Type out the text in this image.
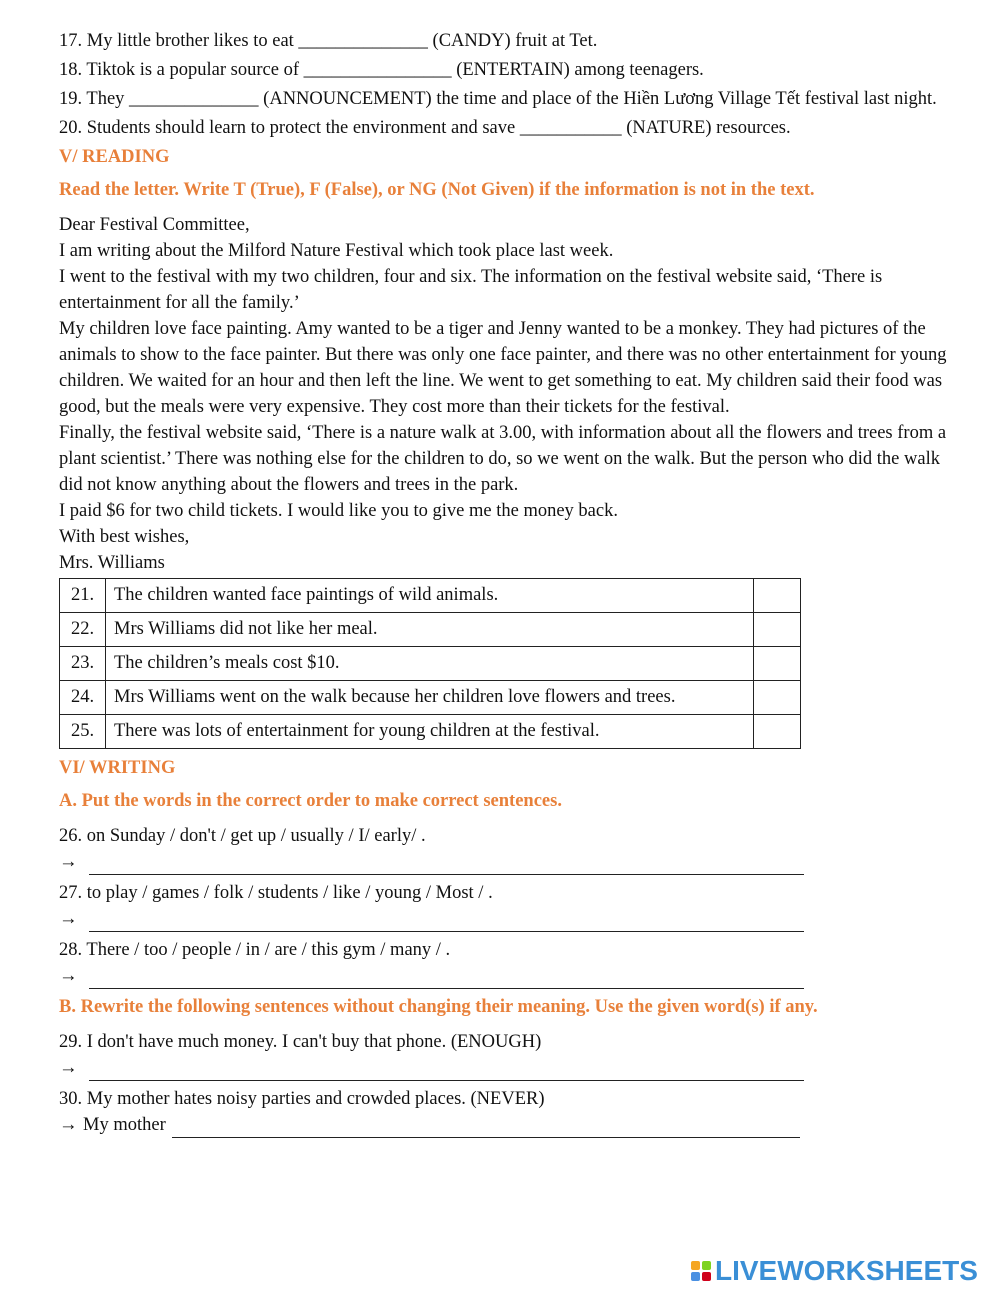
17. My little brother likes to eat ______________ (CANDY) fruit at Tet.
18. Tiktok is a popular source of ________________ (ENTERTAIN) among teenagers.
19. They ______________ (ANNOUNCEMENT) the time and place of the Hiền Lương Village Tết festival last night.
20. Students should learn to protect the environment and save ___________ (NATURE) resources.
V/ READING
Read the letter. Write T (True), F (False), or NG (Not Given) if the information is not in the text.
Dear Festival Committee,
I am writing about the Milford Nature Festival which took place last week.
I went to the festival with my two children, four and six. The information on the festival website said, ‘There is entertainment for all the family.’
My children love face painting. Amy wanted to be a tiger and Jenny wanted to be a monkey. They had pictures of the animals to show to the face painter. But there was only one face painter, and there was no other entertainment for young children. We waited for an hour and then left the line. We went to get something to eat. My children said their food was good, but the meals were very expensive. They cost more than their tickets for the festival.
Finally, the festival website said, ‘There is a nature walk at 3.00, with information about all the flowers and trees from a plant scientist.’ There was nothing else for the children to do, so we went on the walk. But the person who did the walk did not know anything about the flowers and trees in the park.
I paid $6 for two child tickets. I would like you to give me the money back.
With best wishes,
Mrs. Williams
21.	The children wanted face paintings of wild animals.	
22.	Mrs Williams did not like her meal.	
23.	The children’s meals cost $10.	
24.	Mrs Williams went on the walk because her children love flowers and trees.	
25.	There was lots of entertainment for young children at the festival.	
VI/ WRITING
A. Put the words in the correct order to make correct sentences.
26. on Sunday / don't / get up / usually / I/ early/ .
→
27. to play / games / folk / students / like / young / Most / .
→
28. There / too / people / in / are / this gym / many / .
→
B. Rewrite the following sentences without changing their meaning. Use the given word(s) if any.
29. I don't have much money. I can't buy that phone. (ENOUGH)
→
30. My mother hates noisy parties and crowded places. (NEVER)
→ My mother
LIVEWORKSHEETS
